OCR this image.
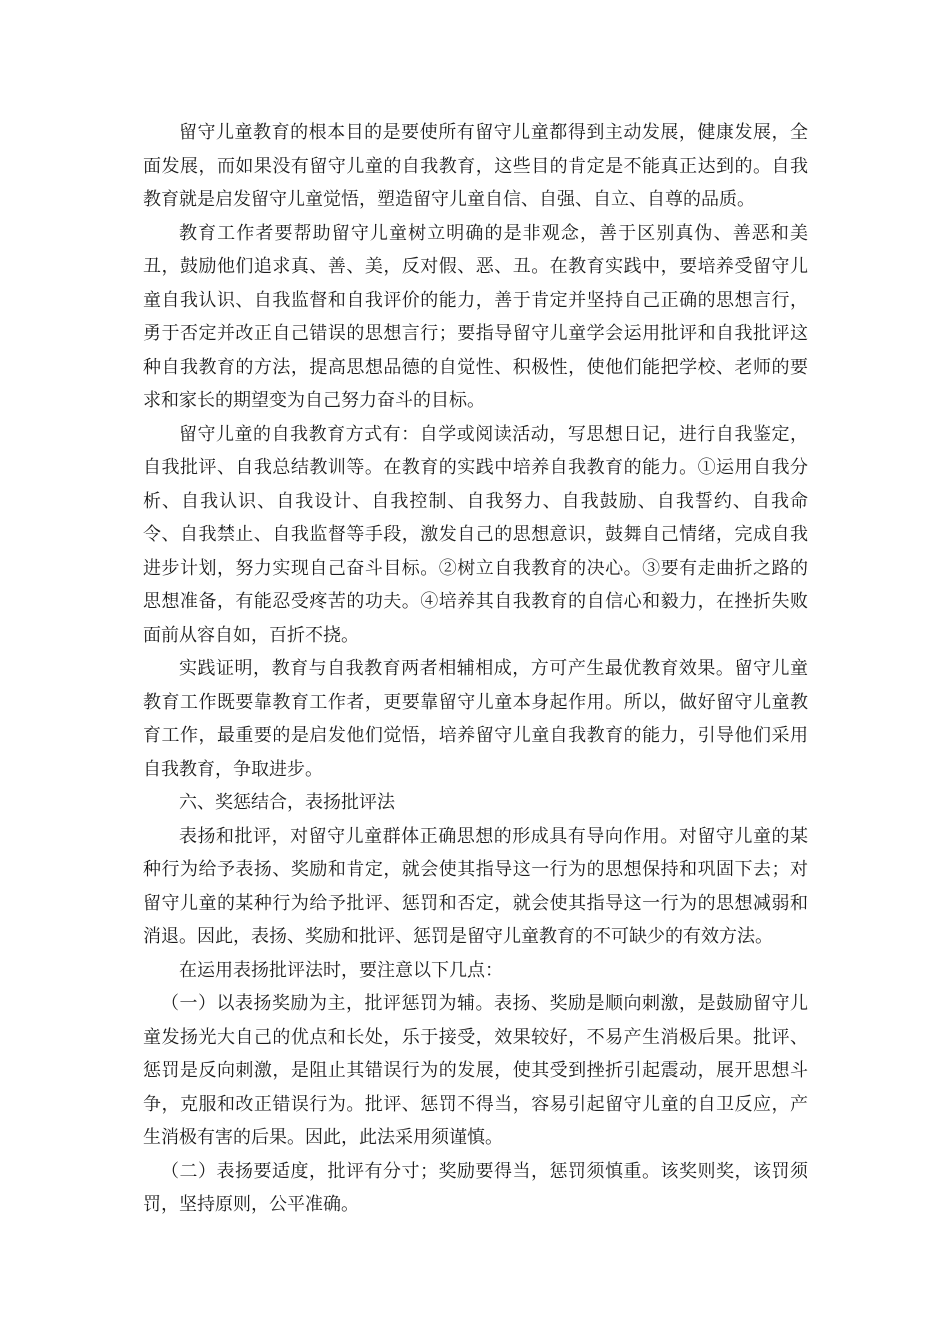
留守儿童教育的根本目的是要使所有留守儿童都得到主动发展，健康发展，全面发展，而如果没有留守儿童的自我教育，这些目的肯定是不能真正达到的。自我教育就是启发留守儿童觉悟，塑造留守儿童自信、自强、自立、自尊的品质。

教育工作者要帮助留守儿童树立明确的是非观念，善于区别真伪、善恶和美丑，鼓励他们追求真、善、美，反对假、恶、丑。在教育实践中，要培养受留守儿童自我认识、自我监督和自我评价的能力，善于肯定并坚持自己正确的思想言行，勇于否定并改正自己错误的思想言行；要指导留守儿童学会运用批评和自我批评这种自我教育的方法，提高思想品德的自觉性、积极性，使他们能把学校、老师的要求和家长的期望变为自己努力奋斗的目标。

留守儿童的自我教育方式有：自学或阅读活动，写思想日记，进行自我鉴定，自我批评、自我总结教训等。在教育的实践中培养自我教育的能力。①运用自我分析、自我认识、自我设计、自我控制、自我努力、自我鼓励、自我誓约、自我命令、自我禁止、自我监督等手段，激发自己的思想意识，鼓舞自己情绪，完成自我进步计划，努力实现自己奋斗目标。②树立自我教育的决心。③要有走曲折之路的思想准备，有能忍受疼苦的功夫。④培养其自我教育的自信心和毅力，在挫折失败面前从容自如，百折不挠。

实践证明，教育与自我教育两者相辅相成，方可产生最优教育效果。留守儿童教育工作既要靠教育工作者，更要靠留守儿童本身起作用。所以，做好留守儿童教育工作，最重要的是启发他们觉悟，培养留守儿童自我教育的能力，引导他们采用自我教育，争取进步。

六、奖惩结合，表扬批评法

表扬和批评，对留守儿童群体正确思想的形成具有导向作用。对留守儿童的某种行为给予表扬、奖励和肯定，就会使其指导这一行为的思想保持和巩固下去；对留守儿童的某种行为给予批评、惩罚和否定，就会使其指导这一行为的思想减弱和消退。因此，表扬、奖励和批评、惩罚是留守儿童教育的不可缺少的有效方法。

在运用表扬批评法时，要注意以下几点：

（一）以表扬奖励为主，批评惩罚为辅。表扬、奖励是顺向刺激，是鼓励留守儿童发扬光大自己的优点和长处，乐于接受，效果较好，不易产生消极后果。批评、惩罚是反向刺激，是阻止其错误行为的发展，使其受到挫折引起震动，展开思想斗争，克服和改正错误行为。批评、惩罚不得当，容易引起留守儿童的自卫反应，产生消极有害的后果。因此，此法采用须谨慎。

（二）表扬要适度，批评有分寸；奖励要得当，惩罚须慎重。该奖则奖，该罚须罚，坚持原则，公平准确。
